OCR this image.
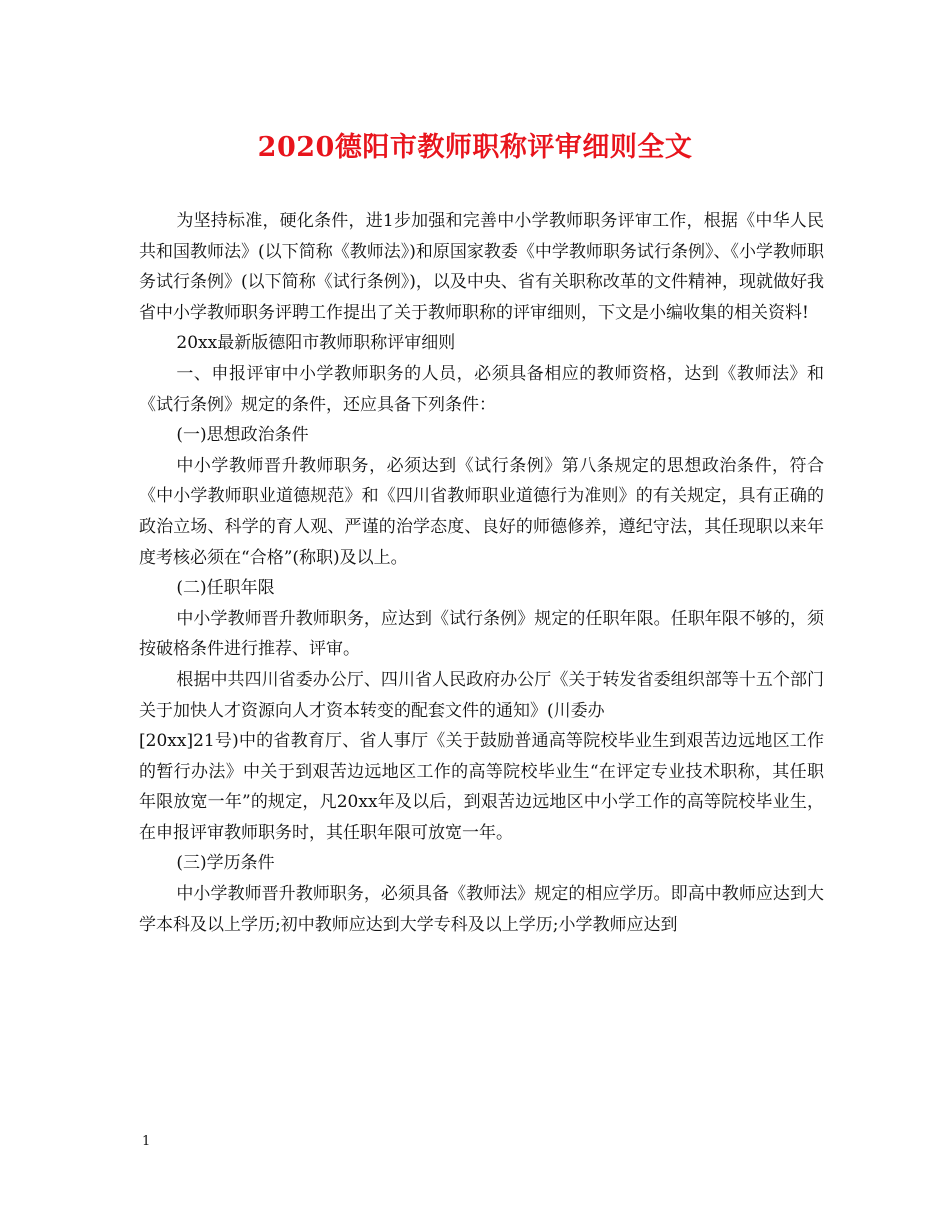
2020德阳市教师职称评审细则全文

为坚持标准，硬化条件，进1步加强和完善中小学教师职务评审工作，根据《中华人民共和国教师法》(以下简称《教师法》)和原国家教委《中学教师职务试行条例》、《小学教师职务试行条例》(以下简称《试行条例》)，以及中央、省有关职称改革的文件精神，现就做好我省中小学教师职务评聘工作提出了关于教师职称的评审细则，下文是小编收集的相关资料!

20xx最新版德阳市教师职称评审细则

一、申报评审中小学教师职务的人员，必须具备相应的教师资格，达到《教师法》和《试行条例》规定的条件，还应具备下列条件：

(一)思想政治条件

中小学教师晋升教师职务，必须达到《试行条例》第八条规定的思想政治条件，符合《中小学教师职业道德规范》和《四川省教师职业道德行为准则》的有关规定，具有正确的政治立场、科学的育人观、严谨的治学态度、良好的师德修养，遵纪守法，其任现职以来年度考核必须在“合格”(称职)及以上。

(二)任职年限

中小学教师晋升教师职务，应达到《试行条例》规定的任职年限。任职年限不够的，须按破格条件进行推荐、评审。

根据中共四川省委办公厅、四川省人民政府办公厅《关于转发省委组织部等十五个部门关于加快人才资源向人才资本转变的配套文件的通知》(川委办

[20xx]21号)中的省教育厅、省人事厅《关于鼓励普通高等院校毕业生到艰苦边远地区工作的暂行办法》中关于到艰苦边远地区工作的高等院校毕业生“在评定专业技术职称，其任职年限放宽一年”的规定，凡20xx年及以后，到艰苦边远地区中小学工作的高等院校毕业生，在申报评审教师职务时，其任职年限可放宽一年。

(三)学历条件

中小学教师晋升教师职务，必须具备《教师法》规定的相应学历。即高中教师应达到大学本科及以上学历;初中教师应达到大学专科及以上学历;小学教师应达到

1
